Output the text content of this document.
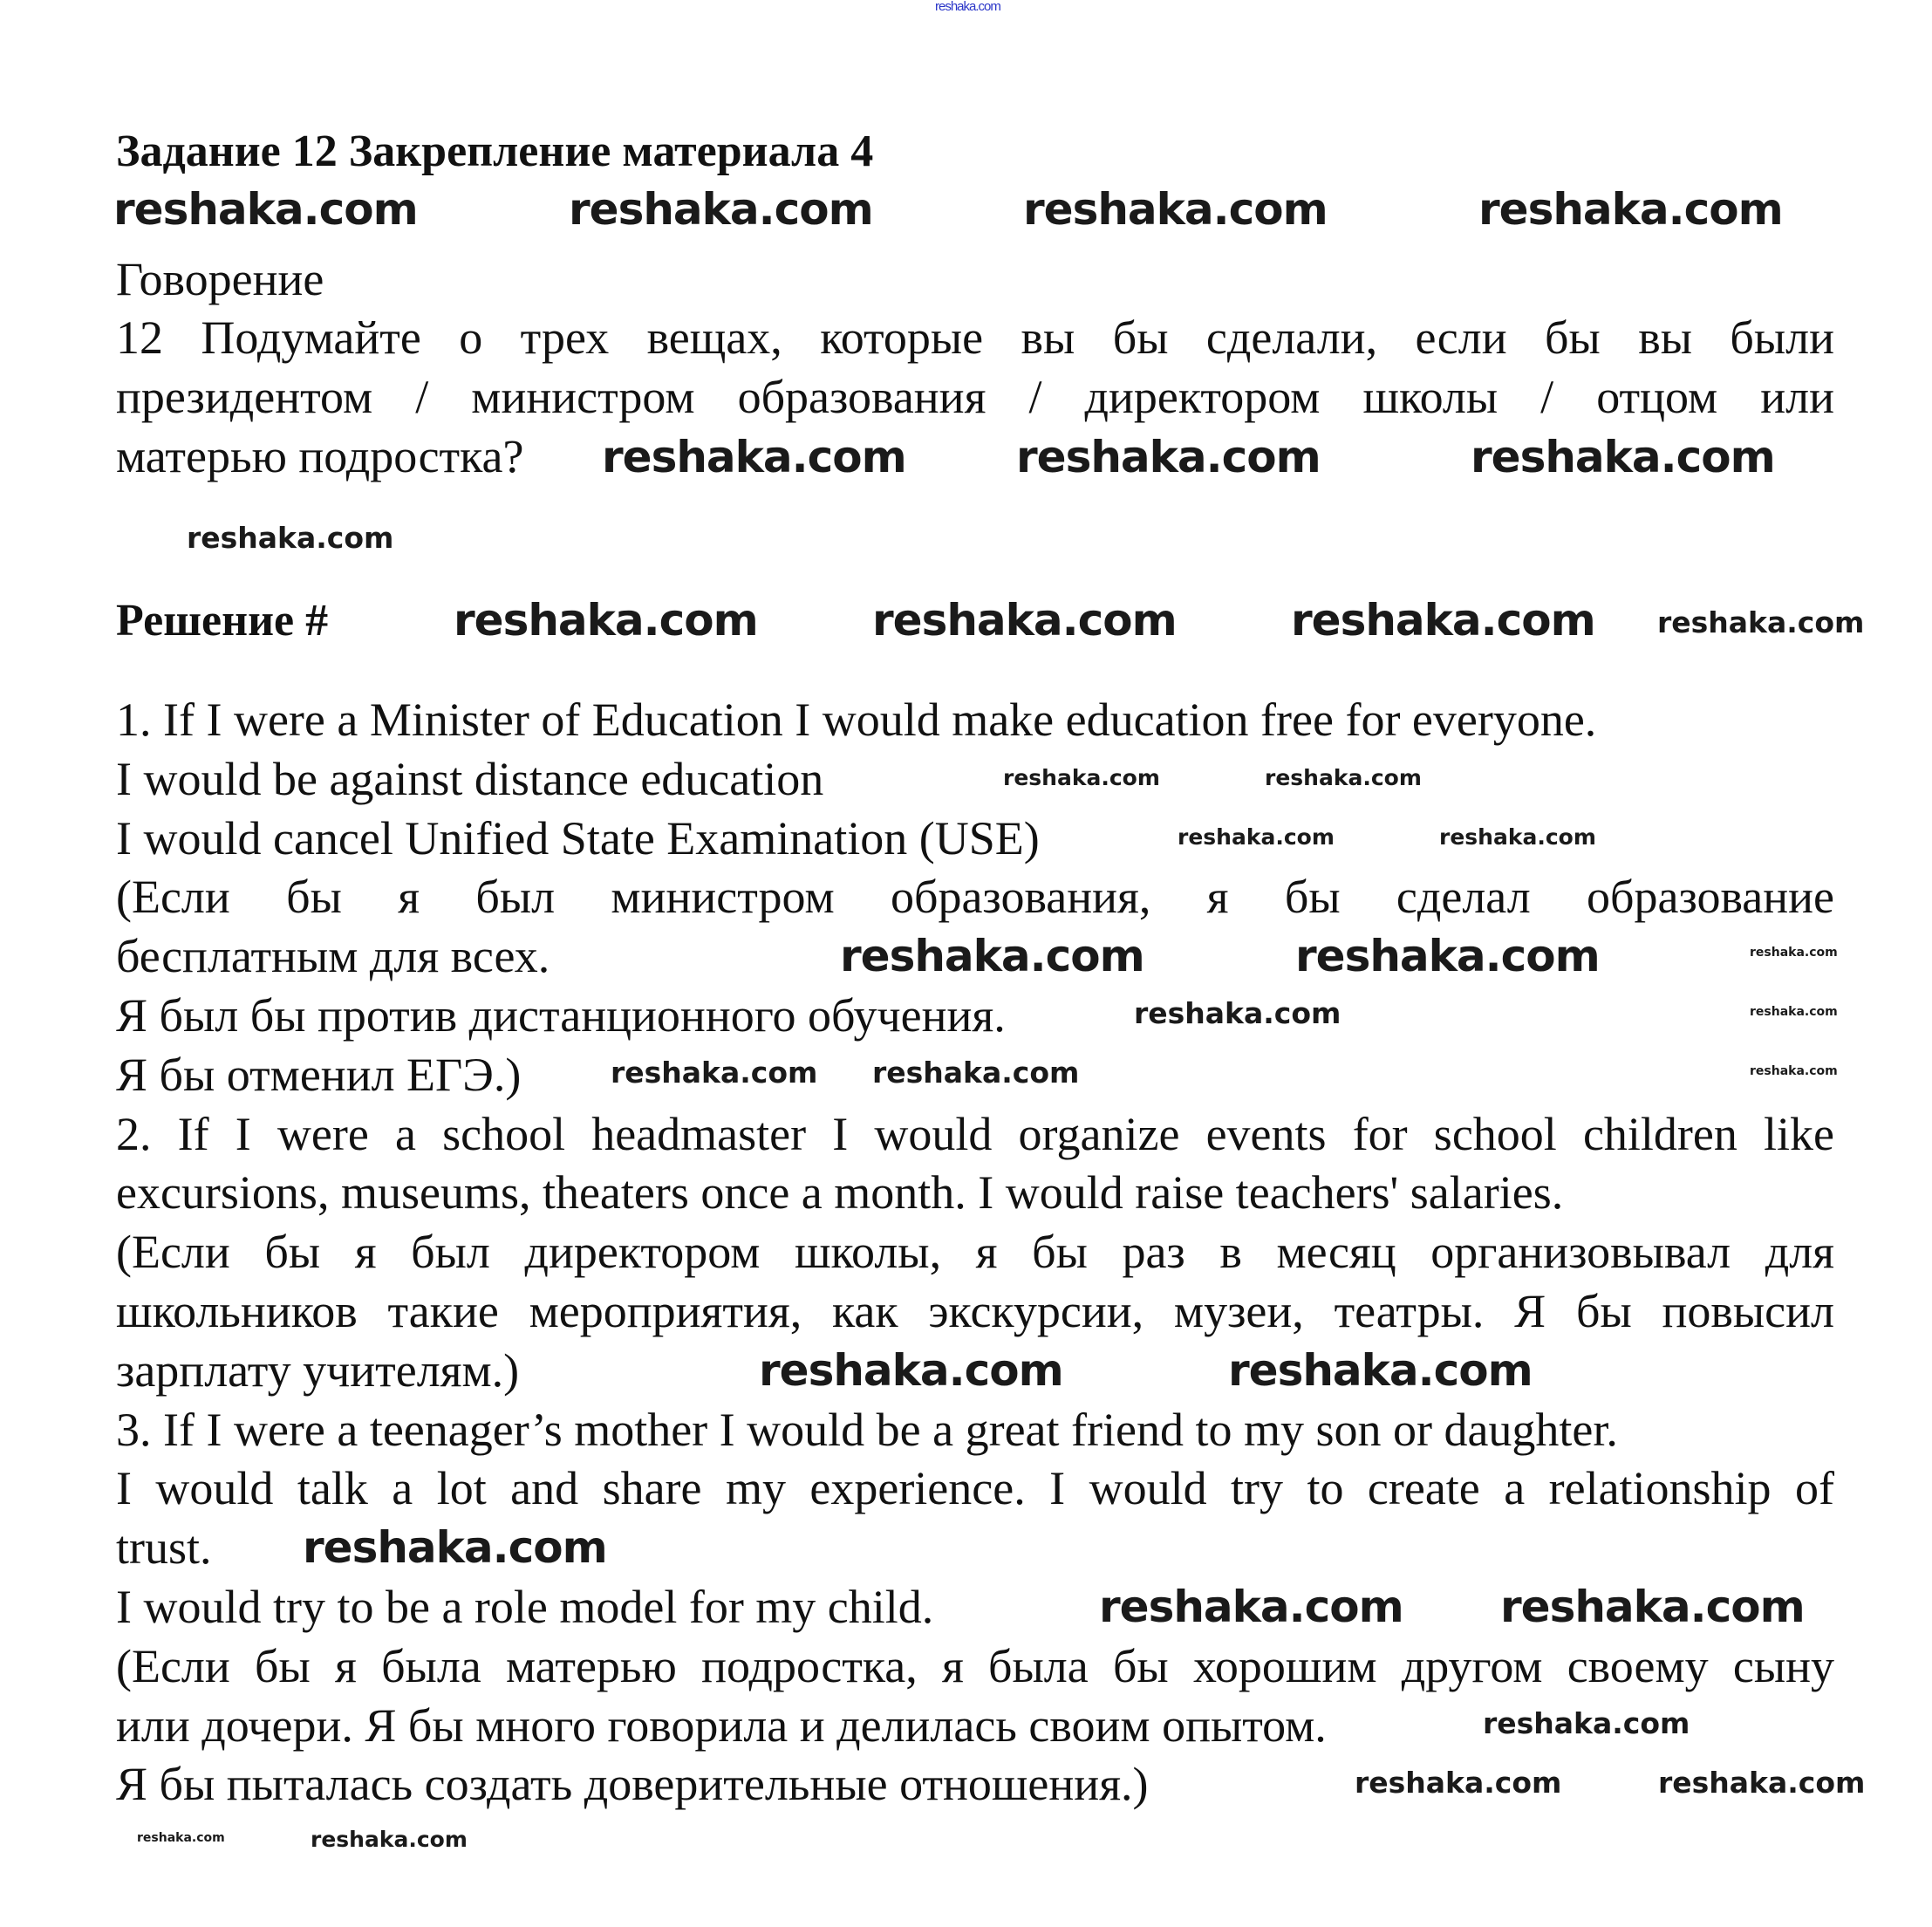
Задание 12 Закрепление материала 4
Говорение
12 Подумайте о трех вещах, которые вы бы сделали, если бы вы были
президентом / министром образования / директором школы / отцом или
матерью подростка?
Решение #
1. If I were a Minister of Education I would make education free for everyone.
I would be against distance education
I would cancel Unified State Examination (USE)
(Если бы я был министром образования, я бы сделал образование
бесплатным для всех.
Я был бы против дистанционного обучения.
Я бы отменил ЕГЭ.)
2. If I were a school headmaster I would organize events for school children like
excursions, museums, theaters once a month. I would raise teachers' salaries.
(Если бы я был директором школы, я бы раз в месяц организовывал для
школьников такие мероприятия, как экскурсии, музеи, театры. Я бы повысил
зарплату учителям.)
3. If I were a teenager’s mother I would be a great friend to my son or daughter.
I would talk a lot and share my experience. I would try to create a relationship of
trust.
I would try to be a role model for my child.
(Если бы я была матерью подростка, я была бы хорошим другом своему сыну
или дочери. Я бы много говорила и делилась своим опытом.
Я бы пыталась создать доверительные отношения.)
reshaka.com
reshaka.com	reshaka.com	reshaka.com	reshaka.com
reshaka.com	reshaka.com	reshaka.com
reshaka.com	reshaka.com	reshaka.com
reshaka.com	reshaka.com
reshaka.com	reshaka.com
reshaka.com
reshaka.com reshaka.com
reshaka.com
reshaka.com
reshaka.com	reshaka.com
reshaka.com
reshaka.com
reshaka.com
reshaka.com
reshaka.com	reshaka.com
reshaka.com	reshaka.com
reshaka.com
reshaka.com
reshaka.com
reshaka.com
reshaka.com
